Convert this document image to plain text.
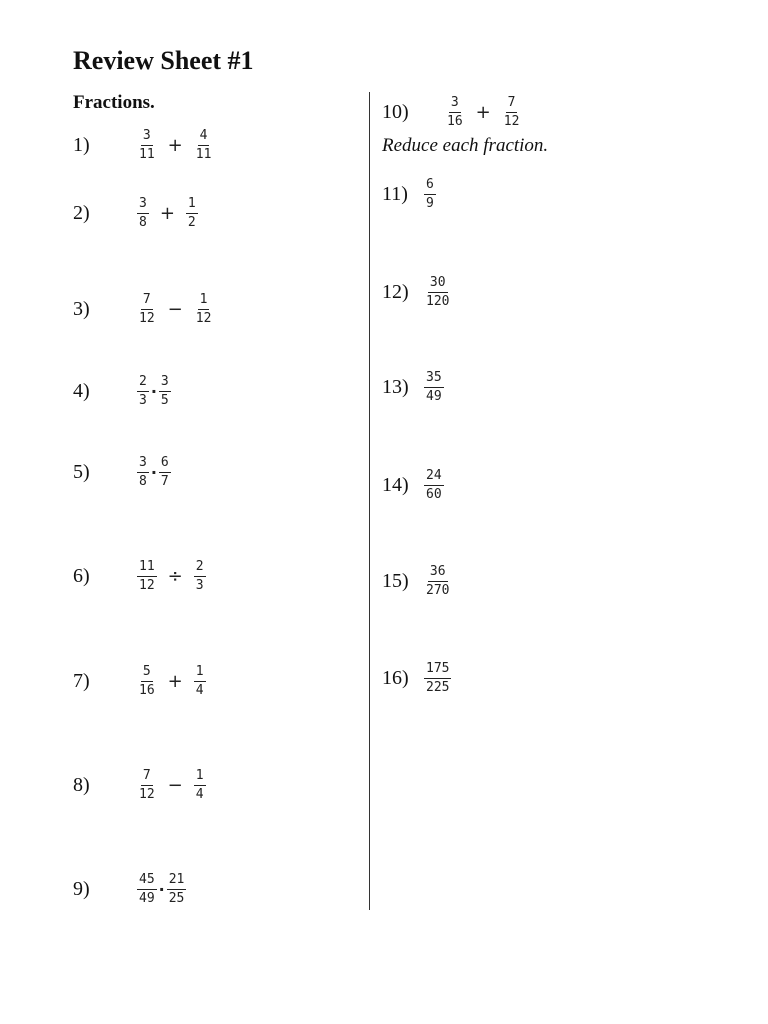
Review Sheet #1
Fractions.
Reduce each fraction.
1)	$\frac{3}{11} + \frac{4}{11}$
2)	$\frac{3}{8} + \frac{1}{2}$
3)	$\frac{7}{12} - \frac{1}{12}$
4)	$\frac{2}{3} \cdot \frac{3}{5}$
5)	$\frac{3}{8} \cdot \frac{6}{7}$
6)	$\frac{11}{12} \div \frac{2}{3}$
7)	$\frac{5}{16} + \frac{1}{4}$
8)	$\frac{7}{12} - \frac{1}{4}$
9)	$\frac{45}{49} \cdot \frac{21}{25}$
10)	$\frac{3}{16} + \frac{7}{12}$
$11) \frac{6}{9}$
$12) \frac{30}{120}$
$13) \frac{35}{49}$
$14) \frac{24}{60}$
$15) \frac{36}{270}$
$16) \frac{175}{225}$
